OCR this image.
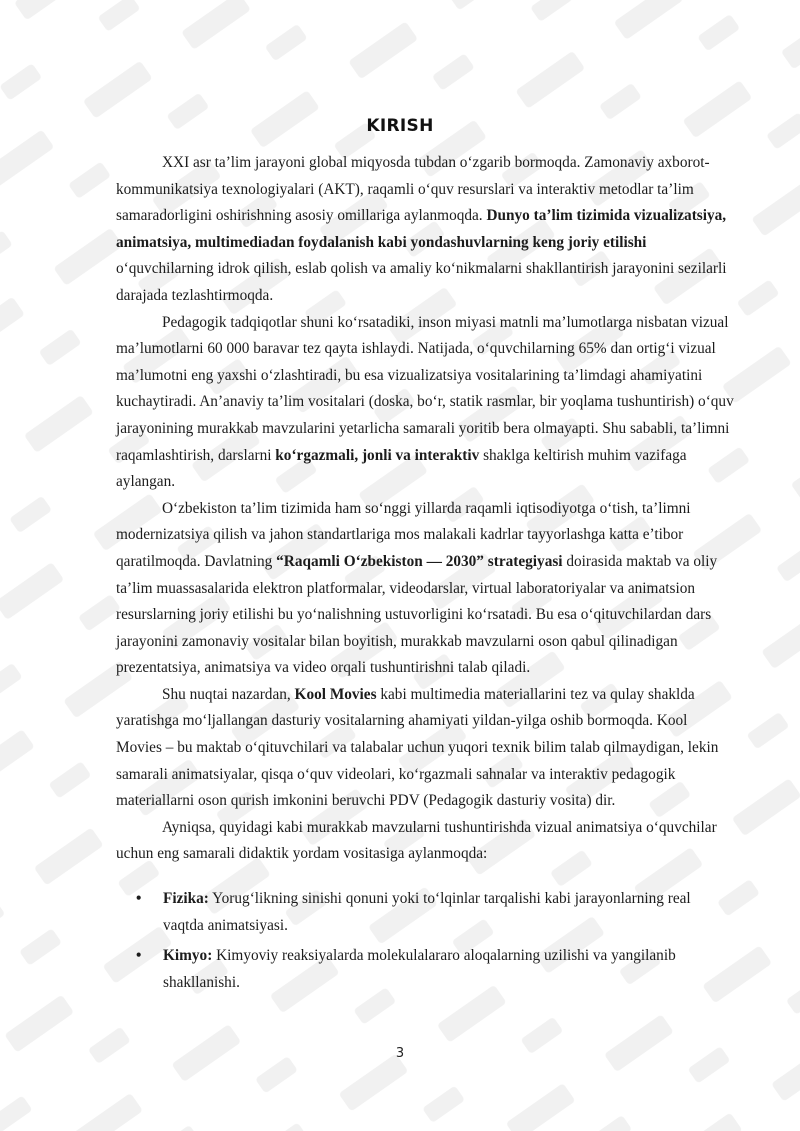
KIRISH

XXI asr ta’lim jarayoni global miqyosda tubdan o‘zgarib bormoqda. Zamonaviy axborot-kommunikatsiya texnologiyalari (AKT), raqamli o‘quv resurslari va interaktiv metodlar ta’lim samaradorligini oshirishning asosiy omillariga aylanmoqda. Dunyo ta’lim tizimida vizualizatsiya, animatsiya, multimediadan foydalanish kabi yondashuvlarning keng joriy etilishi o‘quvchilarning idrok qilish, eslab qolish va amaliy ko‘nikmalarni shakllantirish jarayonini sezilarli darajada tezlashtirmoqda.

Pedagogik tadqiqotlar shuni ko‘rsatadiki, inson miyasi matnli ma’lumotlarga nisbatan vizual ma’lumotlarni 60 000 baravar tez qayta ishlaydi. Natijada, o‘quvchilarning 65% dan ortig‘i vizual ma’lumotni eng yaxshi o‘zlashtiradi, bu esa vizualizatsiya vositalarining ta’limdagi ahamiyatini kuchaytiradi. An’anaviy ta’lim vositalari (doska, bo‘r, statik rasmlar, bir yoqlama tushuntirish) o‘quv jarayonining murakkab mavzularini yetarlicha samarali yoritib bera olmayapti. Shu sababli, ta’limni raqamlashtirish, darslarni ko‘rgazmali, jonli va interaktiv shaklga keltirish muhim vazifaga aylangan.

O‘zbekiston ta’lim tizimida ham so‘nggi yillarda raqamli iqtisodiyotga o‘tish, ta’limni modernizatsiya qilish va jahon standartlariga mos malakali kadrlar tayyorlashga katta e’tibor qaratilmoqda. Davlatning “Raqamli O‘zbekiston — 2030” strategiyasi doirasida maktab va oliy ta’lim muassasalarida elektron platformalar, videodarslar, virtual laboratoriyalar va animatsion resurslarning joriy etilishi bu yo‘nalishning ustuvorligini ko‘rsatadi. Bu esa o‘qituvchilardan dars jarayonini zamonaviy vositalar bilan boyitish, murakkab mavzularni oson qabul qilinadigan prezentatsiya, animatsiya va video orqali tushuntirishni talab qiladi.

Shu nuqtai nazardan, Kool Movies kabi multimedia materiallarini tez va qulay shaklda yaratishga mo‘ljallangan dasturiy vositalarning ahamiyati yildan-yilga oshib bormoqda. Kool Movies – bu maktab o‘qituvchilari va talabalar uchun yuqori texnik bilim talab qilmaydigan, lekin samarali animatsiyalar, qisqa o‘quv videolari, ko‘rgazmali sahnalar va interaktiv pedagogik materiallarni oson qurish imkonini beruvchi PDV (Pedagogik dasturiy vosita) dir.

Ayniqsa, quyidagi kabi murakkab mavzularni tushuntirishda vizual animatsiya o‘quvchilar uchun eng samarali didaktik yordam vositasiga aylanmoqda:

• Fizika: Yorug‘likning sinishi qonuni yoki to‘lqinlar tarqalishi kabi jarayonlarning real vaqtda animatsiyasi.
• Kimyo: Kimyoviy reaksiyalarda molekulalararo aloqalarning uzilishi va yangilanib shakllanishi.
3
